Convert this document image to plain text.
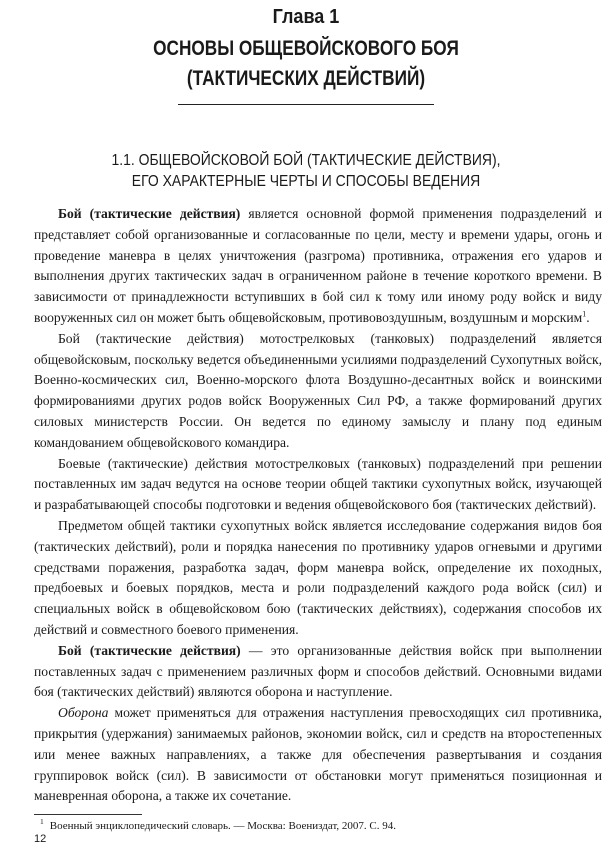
Глава 1
ОСНОВЫ ОБЩЕВОЙСКОВОГО БОЯ
(ТАКТИЧЕСКИХ ДЕЙСТВИЙ)
1.1. ОБЩЕВОЙСКОВОЙ БОЙ (ТАКТИЧЕСКИЕ ДЕЙСТВИЯ),
ЕГО ХАРАКТЕРНЫЕ ЧЕРТЫ И СПОСОБЫ ВЕДЕНИЯ

Бой (тактические действия) является основной формой применения подразделений и представляет собой организованные и согласованные по цели, месту и времени удары, огонь и проведение маневра в целях уничтожения (разгрома) противника, отражения его ударов и выполнения других тактических задач в ограниченном районе в течение короткого времени. В зависимости от принадлежности вступивших в бой сил к тому или иному роду войск и виду вооруженных сил он может быть общевойсковым, противовоздушным, воздушным и морским$^1$.

Бой (тактические действия) мотострелковых (танковых) подразделений является общевойсковым, поскольку ведется объединенными усилиями подразделений Сухопутных войск, Военно-космических сил, Военно-морского флота Воздушно-десантных войск и воинскими формированиями других родов войск Вооруженных Сил РФ, а также формирований других силовых министерств России. Он ведется по единому замыслу и плану под единым командованием общевойскового командира.

Боевые (тактические) действия мотострелковых (танковых) подразделений при решении поставленных им задач ведутся на основе теории общей тактики сухопутных войск, изучающей и разрабатывающей способы подготовки и ведения общевойскового боя (тактических действий).

Предметом общей тактики сухопутных войск является исследование содержания видов боя (тактических действий), роли и порядка нанесения по противнику ударов огневыми и другими средствами поражения, разработка задач, форм маневра войск, определение их походных, предбоевых и боевых порядков, места и роли подразделений каждого рода войск (сил) и специальных войск в общевойсковом бою (тактических действиях), содержания способов их действий и совместного боевого применения.

Бой (тактические действия) — это организованные действия войск при выполнении поставленных задач с применением различных форм и способов действий. Основными видами боя (тактических действий) являются оборона и наступление.

Оборона может применяться для отражения наступления превосходящих сил противника, прикрытия (удержания) занимаемых районов, экономии войск, сил и средств на второстепенных или менее важных направлениях, а также для обеспечения развертывания и создания группировок войск (сил). В зависимости от обстановки могут применяться позиционная и маневренная оборона, а также их сочетание.

$^1$ Военный энциклопедический словарь. — Москва: Воениздат, 2007. С. 94.
12
